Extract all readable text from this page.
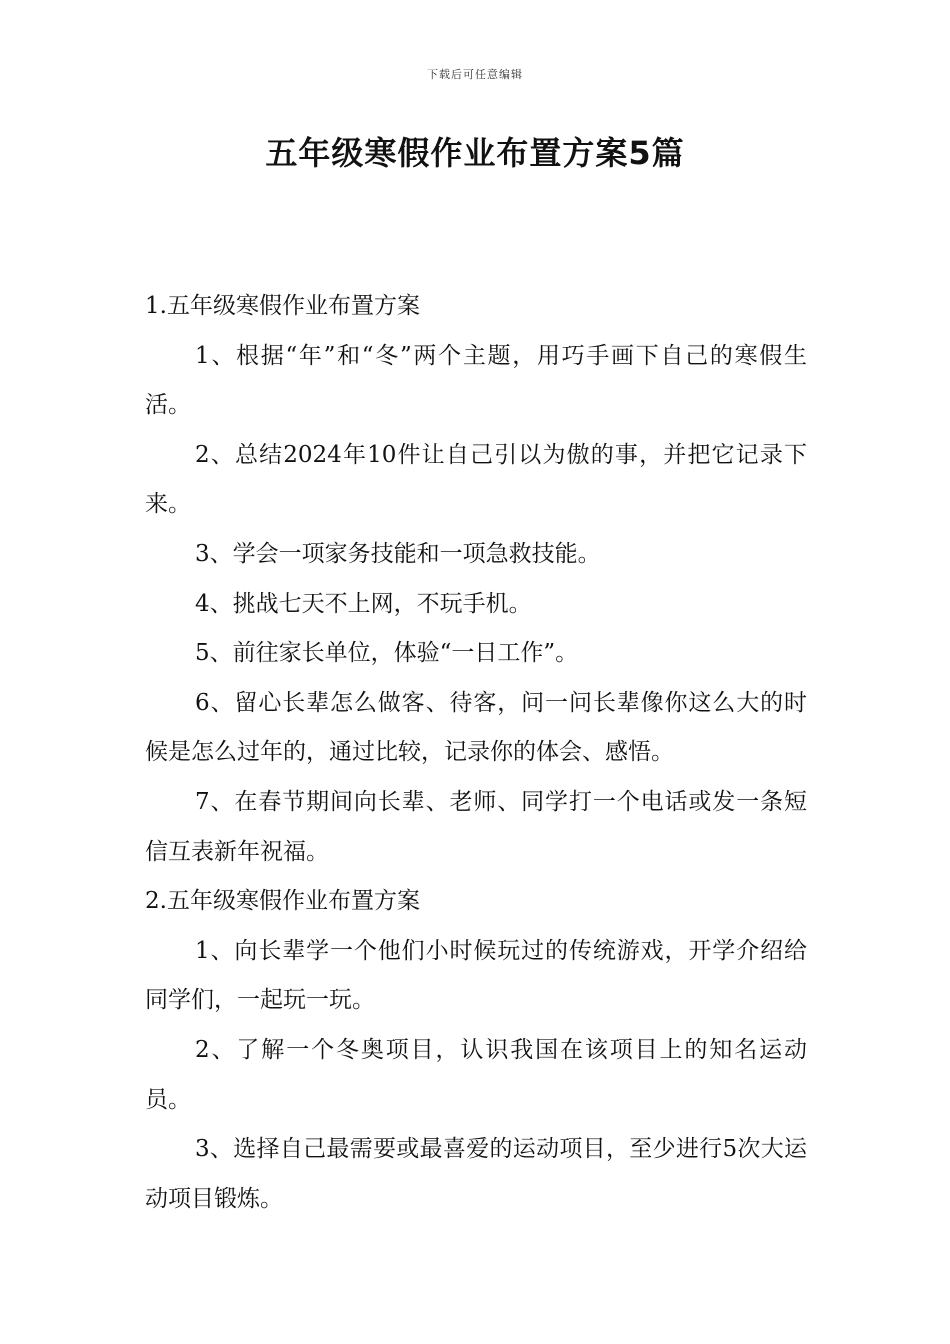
下载后可任意编辑
五年级寒假作业布置方案5篇

1.五年级寒假作业布置方案

1、根据“年”和“冬”两个主题，用巧手画下自己的寒假生活。

2、总结2024年10件让自己引以为傲的事，并把它记录下来。

3、学会一项家务技能和一项急救技能。

4、挑战七天不上网，不玩手机。

5、前往家长单位，体验“一日工作”。

6、留心长辈怎么做客、待客，问一问长辈像你这么大的时候是怎么过年的，通过比较，记录你的体会、感悟。

7、在春节期间向长辈、老师、同学打一个电话或发一条短信互表新年祝福。

2.五年级寒假作业布置方案

1、向长辈学一个他们小时候玩过的传统游戏，开学介绍给同学们，一起玩一玩。

2、了解一个冬奥项目，认识我国在该项目上的知名运动员。

3、选择自己最需要或最喜爱的运动项目，至少进行5次大运动项目锻炼。
